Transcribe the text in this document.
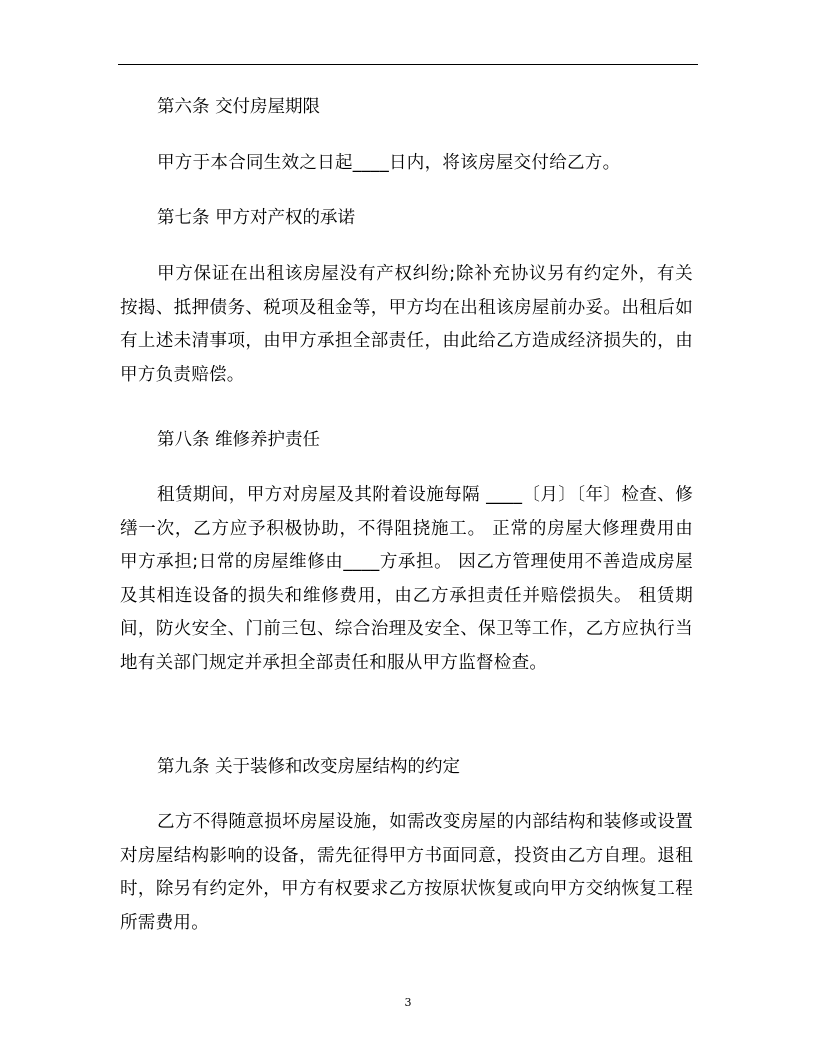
第六条 交付房屋期限
甲方于本合同生效之日起____日内，将该房屋交付给乙方。
第七条 甲方对产权的承诺
甲方保证在出租该房屋没有产权纠纷;除补充协议另有约定外，有关按揭、抵押债务、税项及租金等，甲方均在出租该房屋前办妥。出租后如有上述未清事项，由甲方承担全部责任，由此给乙方造成经济损失的，由甲方负责赔偿。
第八条 维修养护责任
租赁期间，甲方对房屋及其附着设施每隔 ____〔月〕〔年〕检查、修缮一次，乙方应予积极协助，不得阻挠施工。 正常的房屋大修理费用由甲方承担;日常的房屋维修由____方承担。 因乙方管理使用不善造成房屋及其相连设备的损失和维修费用，由乙方承担责任并赔偿损失。 租赁期间，防火安全、门前三包、综合治理及安全、保卫等工作，乙方应执行当地有关部门规定并承担全部责任和服从甲方监督检查。
第九条 关于装修和改变房屋结构的约定
乙方不得随意损坏房屋设施，如需改变房屋的内部结构和装修或设置对房屋结构影响的设备，需先征得甲方书面同意，投资由乙方自理。退租时，除另有约定外，甲方有权要求乙方按原状恢复或向甲方交纳恢复工程所需费用。
3
